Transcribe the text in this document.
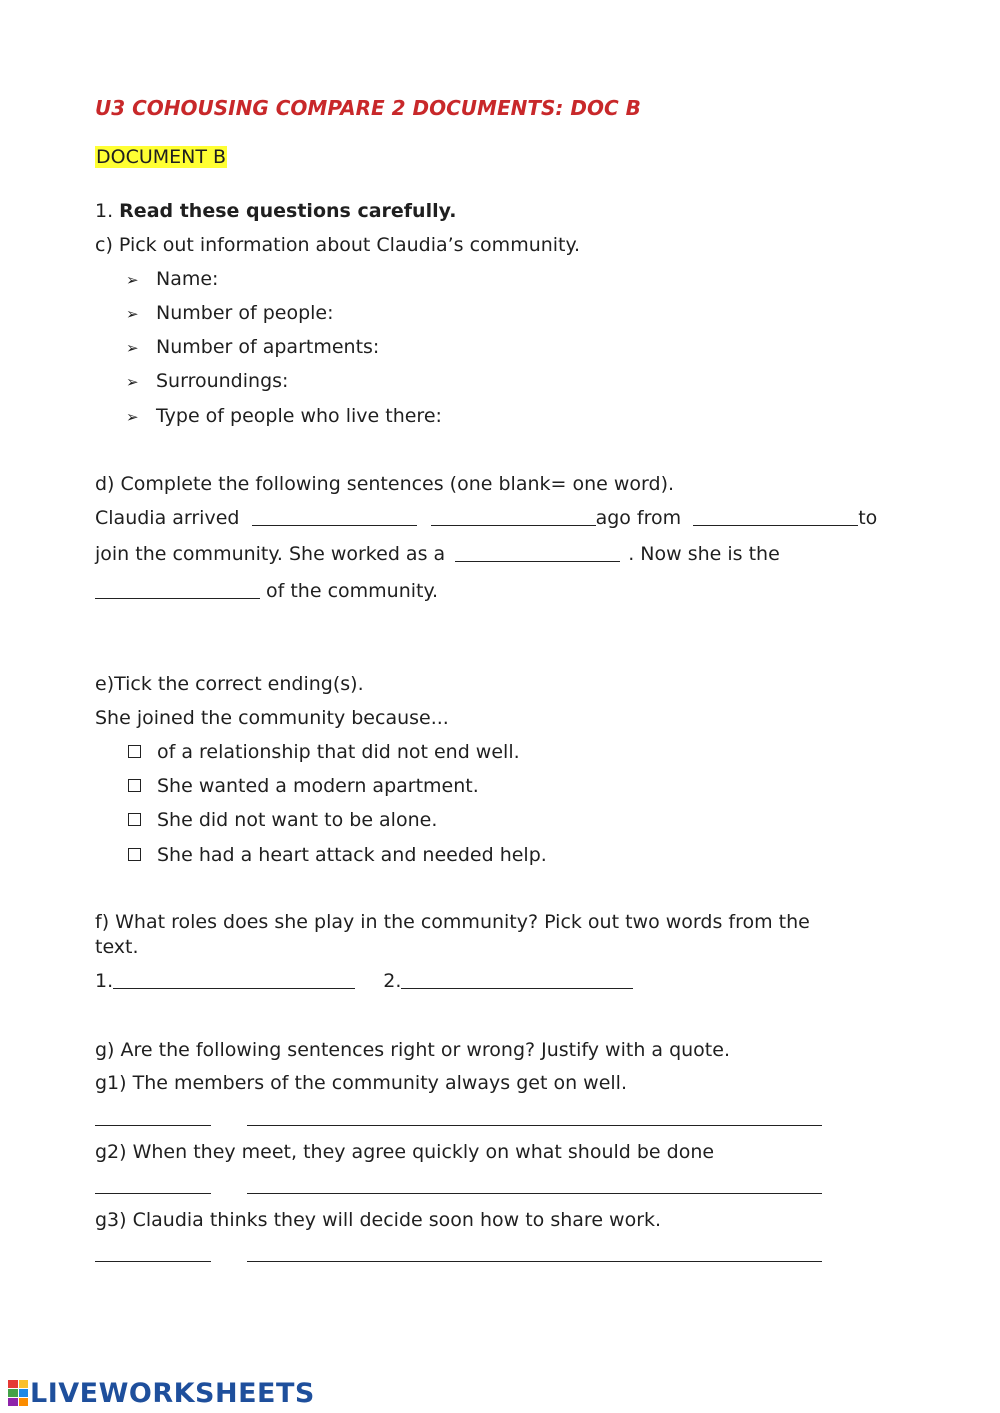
U3 COHOUSING COMPARE 2 DOCUMENTS: DOC B
DOCUMENT B
1. Read these questions carefully.
c) Pick out information about Claudia’s community.
➢ Name:
➢ Number of people:
➢ Number of apartments:
➢ Surroundings:
➢ Type of people who live there:
d) Complete the following sentences (one blank= one word).
Claudia arrived	ago from	to
join the community. She worked as a	. Now she is the
of the community.
e)Tick the correct ending(s).
She joined the community because...
of a relationship that did not end well.
She wanted a modern apartment.
She did not want to be alone.
She had a heart attack and needed help.
f) What roles does she play in the community? Pick out two words from the
text.
1.	2.
g) Are the following sentences right or wrong? Justify with a quote.
g1) The members of the community always get on well.

g2) When they meet, they agree quickly on what should be done

g3) Claudia thinks they will decide soon how to share work.

LIVEWORKSHEETS
